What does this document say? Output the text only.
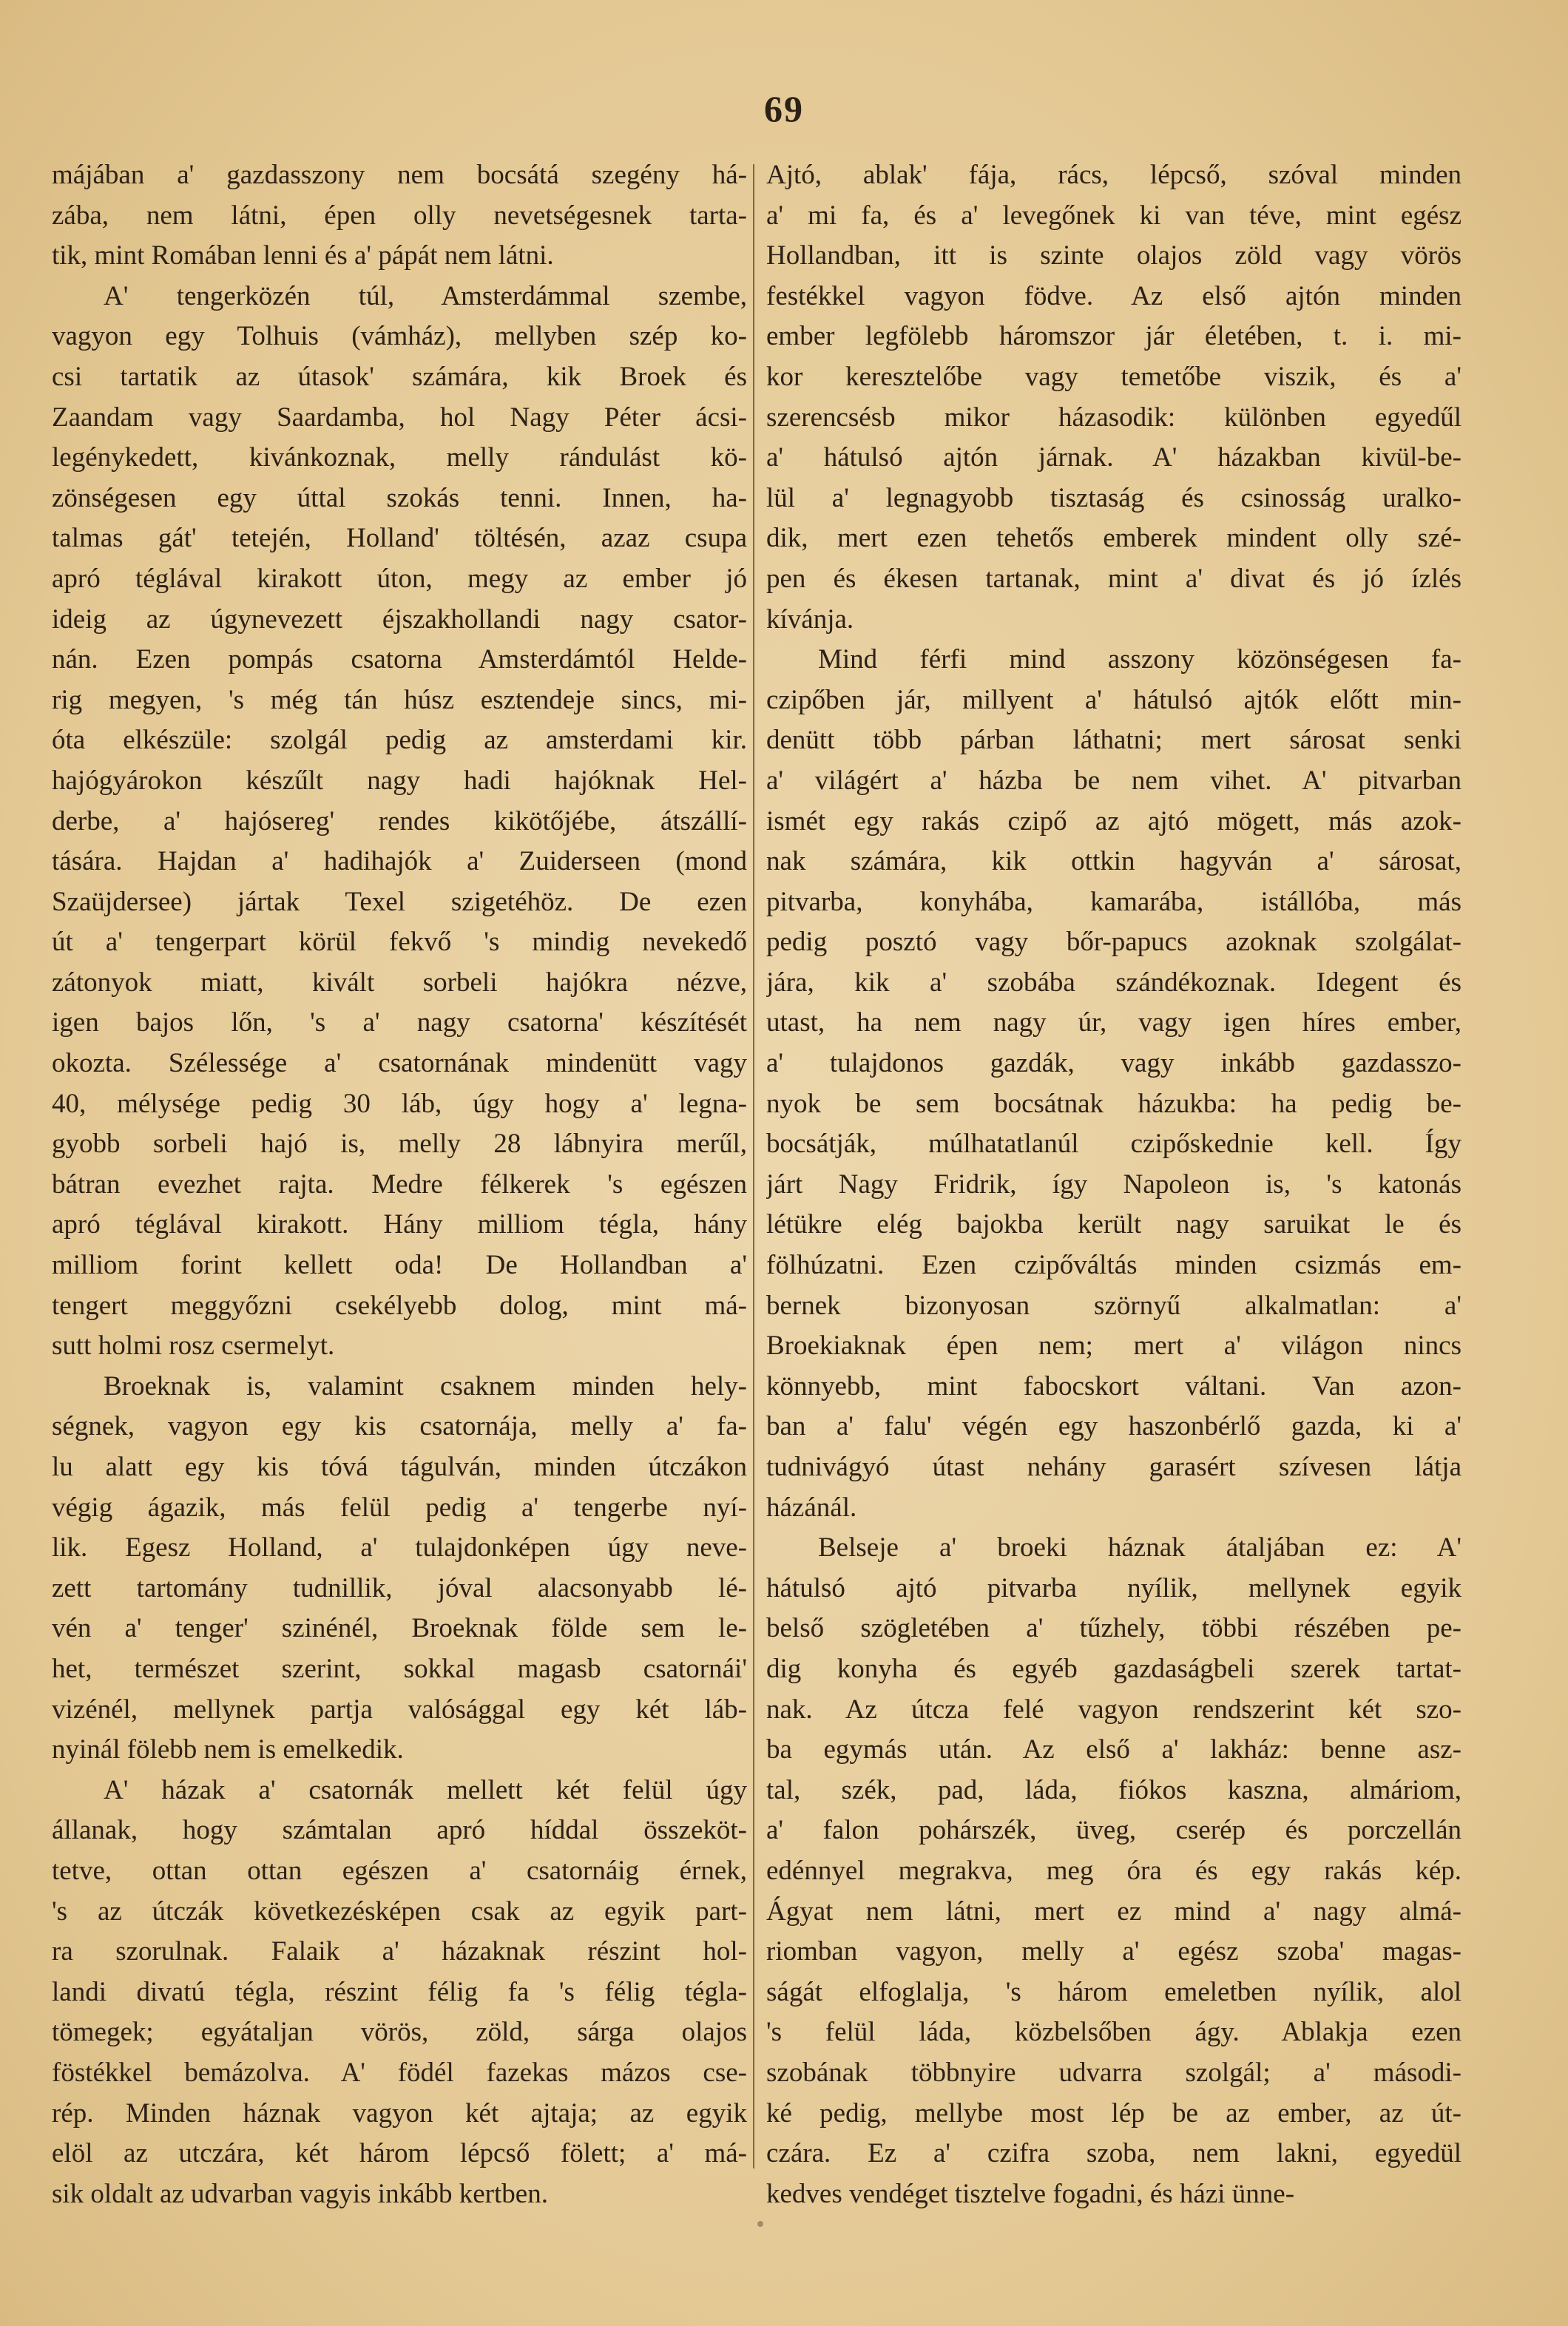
69
májában a' gazdasszony nem bocsátá szegény há-
zába, nem látni, épen olly nevetségesnek tarta-
tik, mint Romában lenni és a' pápát nem látni.
A' tengerközén túl, Amsterdámmal szembe,
vagyon egy Tolhuis (vámház), mellyben szép ko-
csi tartatik az útasok' számára, kik Broek és
Zaandam vagy Saardamba, hol Nagy Péter ácsi-
legénykedett, kivánkoznak, melly rándulást kö-
zönségesen egy úttal szokás tenni. Innen, ha-
talmas gát' tetején, Holland' töltésén, azaz csupa
apró téglával kirakott úton, megy az ember jó
ideig az úgynevezett éjszakhollandi nagy csator-
nán. Ezen pompás csatorna Amsterdámtól Helde-
rig megyen, 's még tán húsz esztendeje sincs, mi-
óta elkészüle: szolgál pedig az amsterdami kir.
hajógyárokon készűlt nagy hadi hajóknak Hel-
derbe, a' hajósereg' rendes kikötőjébe, átszállí-
tására. Hajdan a' hadihajók a' Zuiderseen (mond
Szaüjdersee) jártak Texel szigetéhöz. De ezen
út a' tengerpart körül fekvő 's mindig nevekedő
zátonyok miatt, kivált sorbeli hajókra nézve,
igen bajos lőn, 's a' nagy csatorna' készítését
okozta. Szélessége a' csatornának mindenütt vagy
40, mélysége pedig 30 láb, úgy hogy a' legna-
gyobb sorbeli hajó is, melly 28 lábnyira merűl,
bátran evezhet rajta. Medre félkerek 's egészen
apró téglával kirakott. Hány milliom tégla, hány
milliom forint kellett oda! De Hollandban a'
tengert meggyőzni csekélyebb dolog, mint má-
sutt holmi rosz csermelyt.
Broeknak is, valamint csaknem minden hely-
ségnek, vagyon egy kis csatornája, melly a' fa-
lu alatt egy kis tóvá tágulván, minden útczákon
végig ágazik, más felül pedig a' tengerbe nyí-
lik. Egesz Holland, a' tulajdonképen úgy neve-
zett tartomány tudnillik, jóval alacsonyabb lé-
vén a' tenger' szinénél, Broeknak földe sem le-
het, természet szerint, sokkal magasb csatornái'
vizénél, mellynek partja valósággal egy két láb-
nyinál fölebb nem is emelkedik.
A' házak a' csatornák mellett két felül úgy
állanak, hogy számtalan apró híddal összeköt-
tetve, ottan ottan egészen a' csatornáig érnek,
's az útczák következésképen csak az egyik part-
ra szorulnak. Falaik a' házaknak részint hol-
landi divatú tégla, részint félig fa 's félig tégla-
tömegek; egyátaljan vörös, zöld, sárga olajos
föstékkel bemázolva. A' födél fazekas mázos cse-
rép. Minden háznak vagyon két ajtaja; az egyik
elöl az utczára, két három lépcső fölett; a' má-
sik oldalt az udvarban vagyis inkább kertben.
Ajtó, ablak' fája, rács, lépcső, szóval minden
a' mi fa, és a' levegőnek ki van téve, mint egész
Hollandban, itt is szinte olajos zöld vagy vörös
festékkel vagyon födve. Az első ajtón minden
ember legfölebb háromszor jár életében, t. i. mi-
kor keresztelőbe vagy temetőbe viszik, és a'
szerencsésb mikor házasodik: különben egyedűl
a' hátulsó ajtón járnak. A' házakban kivül-be-
lül a' legnagyobb tisztaság és csinosság uralko-
dik, mert ezen tehetős emberek mindent olly szé-
pen és ékesen tartanak, mint a' divat és jó ízlés
kívánja.
Mind férfi mind asszony közönségesen fa-
czipőben jár, millyent a' hátulsó ajtók előtt min-
denütt több párban láthatni; mert sárosat senki
a' világért a' házba be nem vihet. A' pitvarban
ismét egy rakás czipő az ajtó mögett, más azok-
nak számára, kik ottkin hagyván a' sárosat,
pitvarba, konyhába, kamarába, istállóba, más
pedig posztó vagy bőr-papucs azoknak szolgálat-
jára, kik a' szobába szándékoznak. Idegent és
utast, ha nem nagy úr, vagy igen híres ember,
a' tulajdonos gazdák, vagy inkább gazdasszo-
nyok be sem bocsátnak házukba: ha pedig be-
bocsátják, múlhatatlanúl czipőskednie kell. Így
járt Nagy Fridrik, így Napoleon is, 's katonás
létükre elég bajokba került nagy saruikat le és
fölhúzatni. Ezen czipőváltás minden csizmás em-
bernek bizonyosan szörnyű alkalmatlan: a'
Broekiaknak épen nem; mert a' világon nincs
könnyebb, mint fabocskort váltani. Van azon-
ban a' falu' végén egy haszonbérlő gazda, ki a'
tudnivágyó útast nehány garasért szívesen látja
házánál.
Belseje a' broeki háznak átaljában ez: A'
hátulsó ajtó pitvarba nyílik, mellynek egyik
belső szögletében a' tűzhely, többi részében pe-
dig konyha és egyéb gazdaságbeli szerek tartat-
nak. Az útcza felé vagyon rendszerint két szo-
ba egymás után. Az első a' lakház: benne asz-
tal, szék, pad, láda, fiókos kaszna, almáriom,
a' falon pohárszék, üveg, cserép és porczellán
edénnyel megrakva, meg óra és egy rakás kép.
Ágyat nem látni, mert ez mind a' nagy almá-
riomban vagyon, melly a' egész szoba' magas-
ságát elfoglalja, 's három emeletben nyílik, alol
's felül láda, közbelsőben ágy. Ablakja ezen
szobának többnyire udvarra szolgál; a' másodi-
ké pedig, mellybe most lép be az ember, az út-
czára. Ez a' czifra szoba, nem lakni, egyedül
kedves vendéget tisztelve fogadni, és házi ünne-
